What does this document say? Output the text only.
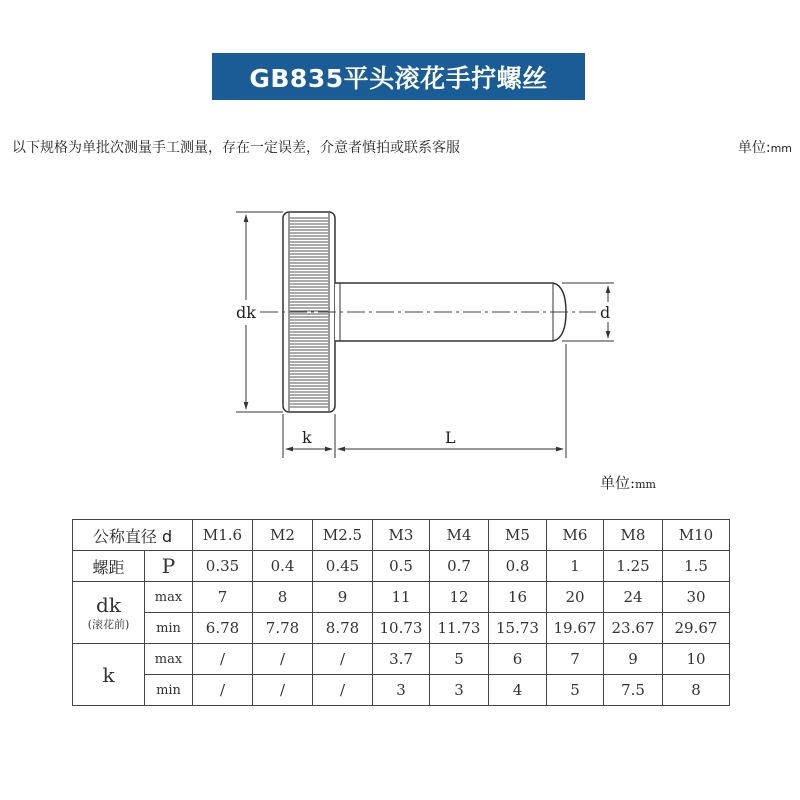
GB835平头滚花手拧螺丝
以下规格为单批次测量手工测量，存在一定误差，介意者慎拍或联系客服	单位:mm
dk	d
k	L
单位:mm
公称直径 d		M1.6	M2	M2.5	M3	M4	M5	M6	M8	M10
螺距	P	0.35	0.4	0.45	0.5	0.7	0.8	1	1.25	1.5

dk
(滚花前)	max	7	8	9	11	12	16	20	24	30
	min	6.78	7.78	8.78	10.73	11.73	15.73	19.67	23.67	29.67
k	max	/	/	/	3.7	5	6	7	9	10
	min	/	/	/	3	3	4	5	7.5	8
